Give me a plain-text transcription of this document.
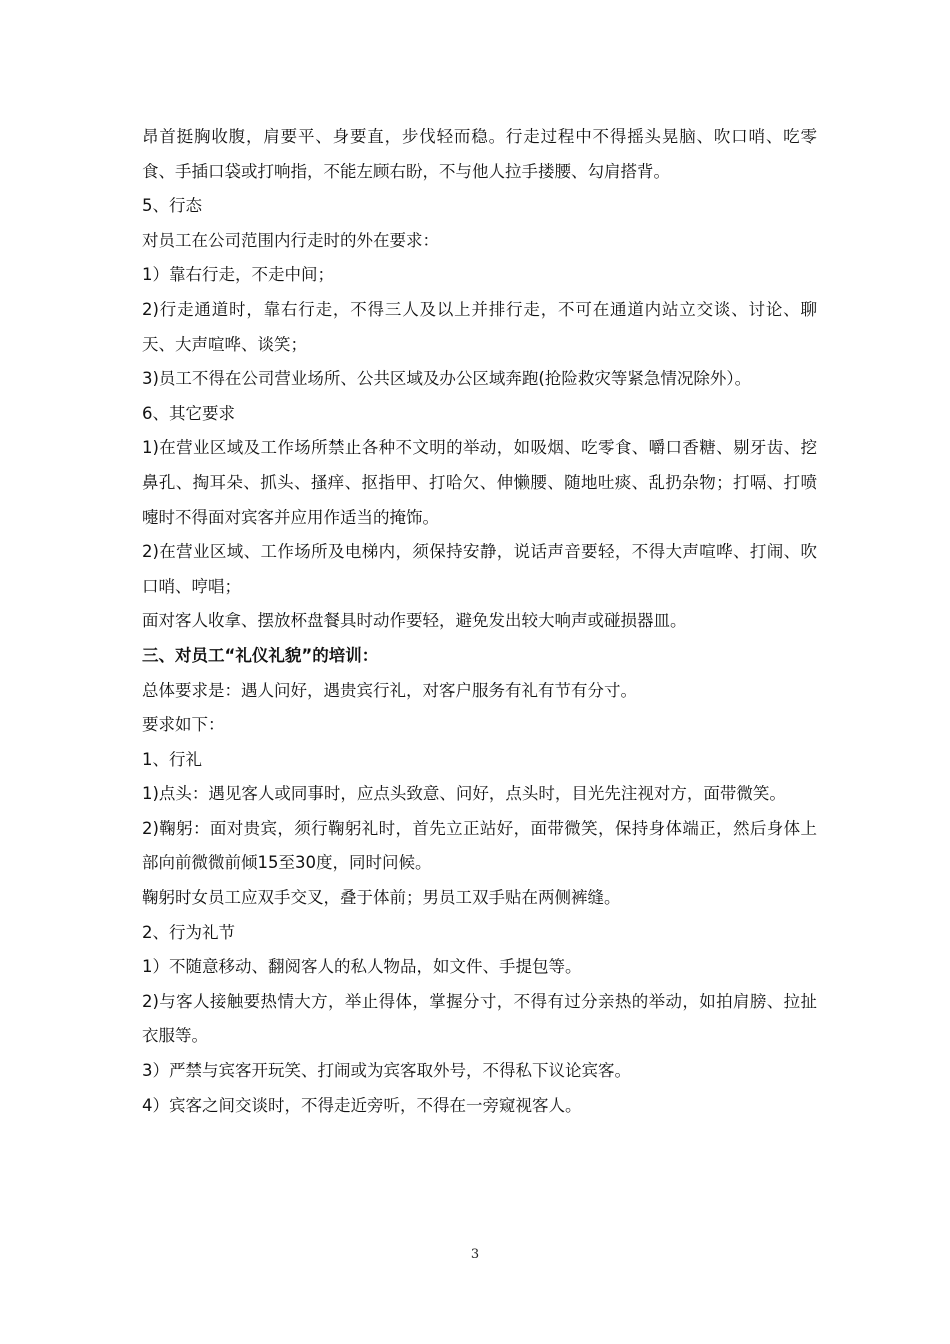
昂首挺胸收腹，肩要平、身要直，步伐轻而稳。行走过程中不得摇头晃脑、吹口哨、吃零食、手插口袋或打响指，不能左顾右盼，不与他人拉手搂腰、勾肩搭背。

5、行态

对员工在公司范围内行走时的外在要求：

1）靠右行走，不走中间；

2)行走通道时，靠右行走，不得三人及以上并排行走，不可在通道内站立交谈、讨论、聊天、大声喧哗、谈笑；

3)员工不得在公司营业场所、公共区域及办公区域奔跑(抢险救灾等紧急情况除外）。

6、其它要求

1)在营业区域及工作场所禁止各种不文明的举动，如吸烟、吃零食、嚼口香糖、剔牙齿、挖鼻孔、掏耳朵、抓头、搔痒、抠指甲、打哈欠、伸懒腰、随地吐痰、乱扔杂物；打嗝、打喷嚏时不得面对宾客并应用作适当的掩饰。

2)在营业区域、工作场所及电梯内，须保持安静，说话声音要轻，不得大声喧哗、打闹、吹口哨、哼唱；

面对客人收拿、摆放杯盘餐具时动作要轻，避免发出较大响声或碰损器皿。

三、对员工“礼仪礼貌”的培训：

总体要求是：遇人问好，遇贵宾行礼，对客户服务有礼有节有分寸。

要求如下：

1、行礼

1)点头：遇见客人或同事时，应点头致意、问好，点头时，目光先注视对方，面带微笑。

2)鞠躬：面对贵宾，须行鞠躬礼时，首先立正站好，面带微笑，保持身体端正，然后身体上部向前微微前倾15至30度，同时问候。

鞠躬时女员工应双手交叉，叠于体前；男员工双手贴在两侧裤缝。

2、行为礼节

1）不随意移动、翻阅客人的私人物品，如文件、手提包等。

2)与客人接触要热情大方，举止得体，掌握分寸，不得有过分亲热的举动，如拍肩膀、拉扯衣服等。

3）严禁与宾客开玩笑、打闹或为宾客取外号，不得私下议论宾客。

4）宾客之间交谈时，不得走近旁听，不得在一旁窥视客人。

3
